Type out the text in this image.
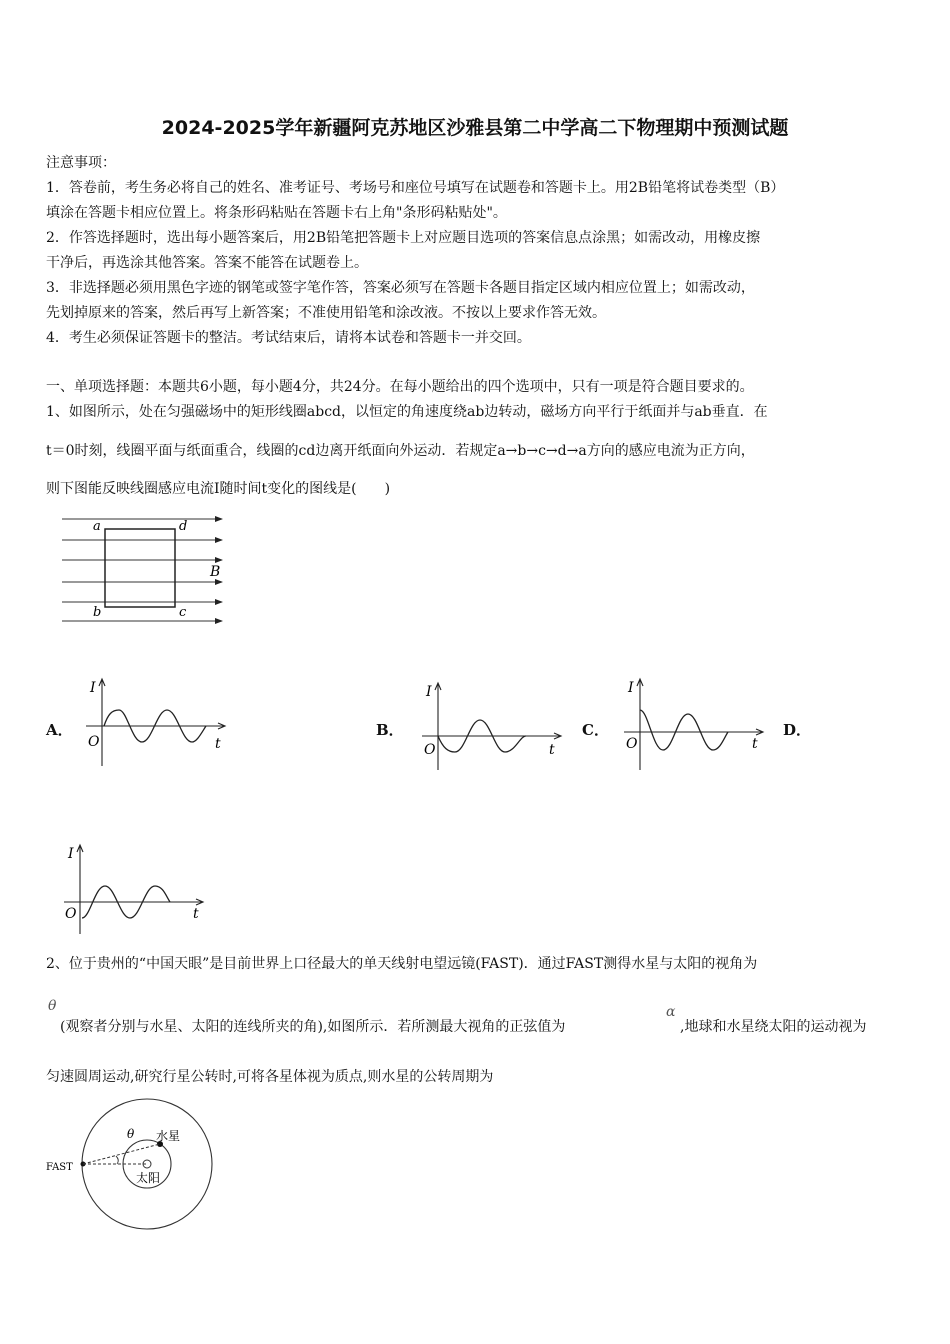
2024-2025学年新疆阿克苏地区沙雅县第二中学高二下物理期中预测试题
注意事项：
1．答卷前，考生务必将自己的姓名、准考证号、考场号和座位号填写在试题卷和答题卡上。用2B铅笔将试卷类型（B）
填涂在答题卡相应位置上。将条形码粘贴在答题卡右上角"条形码粘贴处"。
2．作答选择题时，选出每小题答案后，用2B铅笔把答题卡上对应题目选项的答案信息点涂黑；如需改动，用橡皮擦
干净后，再选涂其他答案。答案不能答在试题卷上。
3．非选择题必须用黑色字迹的钢笔或签字笔作答，答案必须写在答题卡各题目指定区域内相应位置上；如需改动，
先划掉原来的答案，然后再写上新答案；不准使用铅笔和涂改液。不按以上要求作答无效。
4．考生必须保证答题卡的整洁。考试结束后，请将本试卷和答题卡一并交回。
一、单项选择题：本题共6小题，每小题4分，共24分。在每小题给出的四个选项中，只有一项是符合题目要求的。
1、如图所示，处在匀强磁场中的矩形线圈abcd，以恒定的角速度绕ab边转动，磁场方向平行于纸面并与ab垂直．在
t＝0时刻，线圈平面与纸面重合，线圈的cd边离开纸面向外运动．若规定a→b→c→d→a方向的感应电流为正方向，
则下图能反映线圈感应电流I随时间t变化的图线是(　　)
a	d
b	c
B
A．	B．	C．	D．
I
O	t
I
O	t
I
O	t
I
O	t
2、位于贵州的“中国天眼”是目前世界上口径最大的单天线射电望远镜(FAST)．通过FAST测得水星与太阳的视角为
θ
(观察者分别与水星、太阳的连线所夹的角),如图所示．若所测最大视角的正弦值为
α
,地球和水星绕太阳的运动视为
匀速圆周运动,研究行星公转时,可将各星体视为质点,则水星的公转周期为
FAST
水星
太阳
θ
